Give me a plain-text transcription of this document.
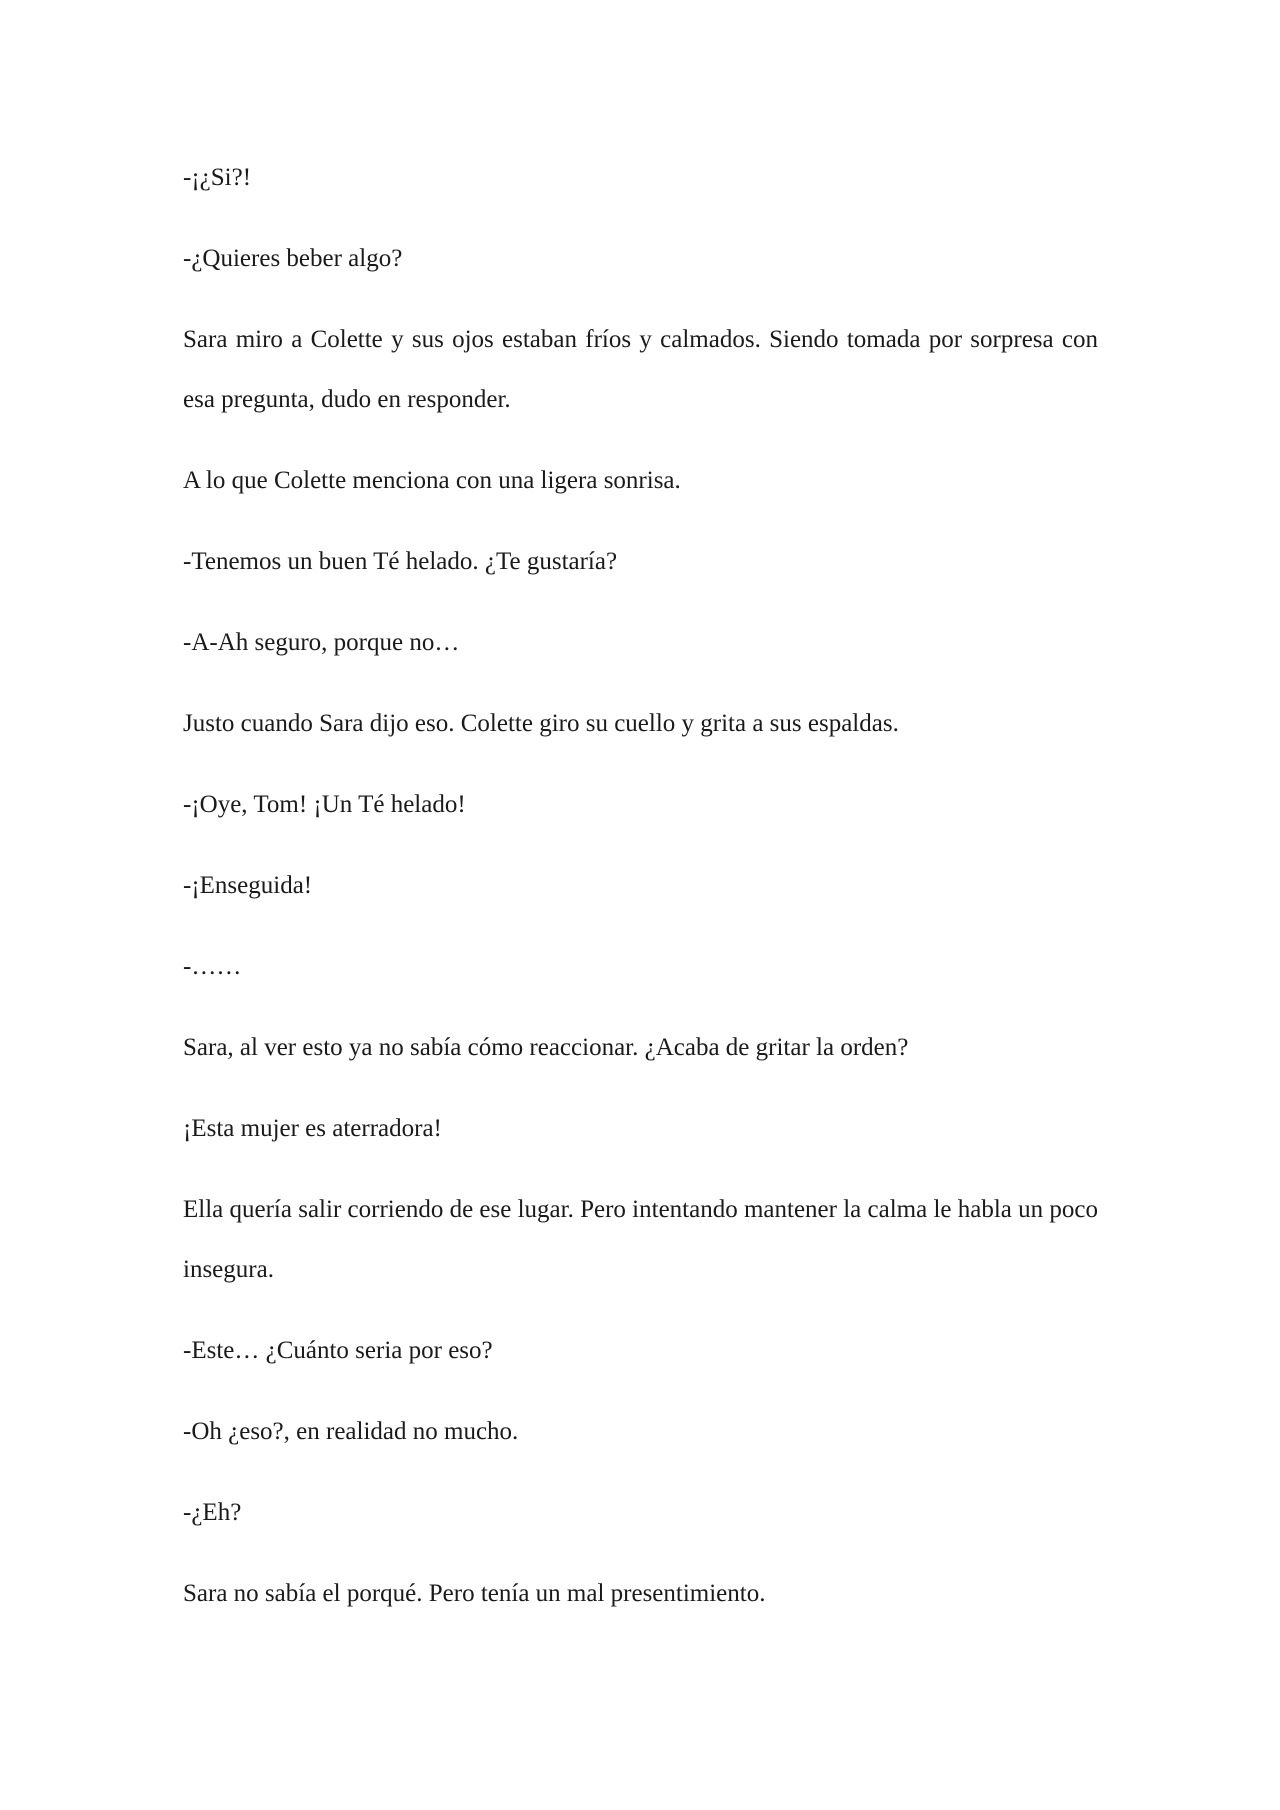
-¡¿Si?!

-¿Quieres beber algo?

Sara miro a Colette y sus ojos estaban fríos y calmados. Siendo tomada por sorpresa con esa pregunta, dudo en responder.

A lo que Colette menciona con una ligera sonrisa.

-Tenemos un buen Té helado. ¿Te gustaría?

-A-Ah seguro, porque no…

Justo cuando Sara dijo eso. Colette giro su cuello y grita a sus espaldas.

-¡Oye, Tom! ¡Un Té helado!

-¡Enseguida!

-……

Sara, al ver esto ya no sabía cómo reaccionar. ¿Acaba de gritar la orden?

¡Esta mujer es aterradora!

Ella quería salir corriendo de ese lugar. Pero intentando mantener la calma le habla un poco insegura.

-Este… ¿Cuánto seria por eso?

-Oh ¿eso?, en realidad no mucho.

-¿Eh?

Sara no sabía el porqué. Pero tenía un mal presentimiento.
